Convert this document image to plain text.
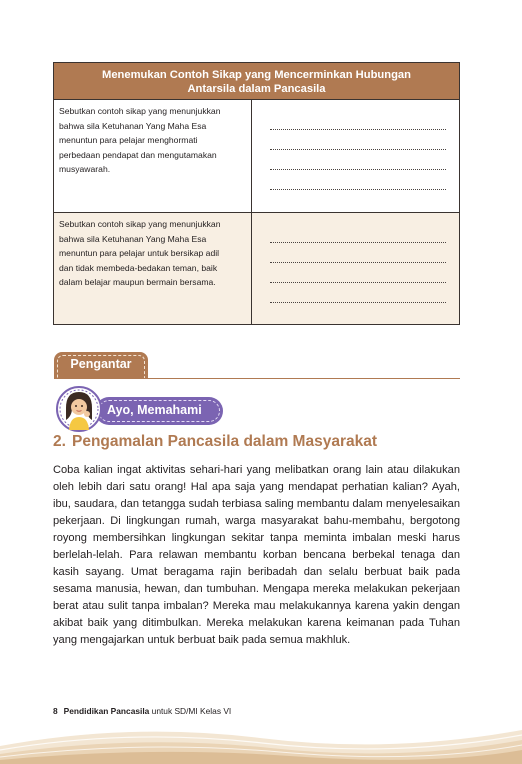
Menemukan Contoh Sikap yang Mencerminkan Hubungan
Antarsila dalam Pancasila
Sebutkan contoh sikap yang menunjukkan
bahwa sila Ketuhanan Yang Maha Esa
menuntun para pelajar menghormati
perbedaan pendapat dan mengutamakan
musyawarah.
Sebutkan contoh sikap yang menunjukkan
bahwa sila Ketuhanan Yang Maha Esa
menuntun para pelajar untuk bersikap adil
dan tidak membeda-bedakan teman, baik
dalam belajar maupun bermain bersama.
Pengantar
Ayo, Memahami
2. Pengamalan Pancasila dalam Masyarakat

Coba kalian ingat aktivitas sehari-hari yang melibatkan orang lain atau dilakukan oleh lebih dari satu orang! Hal apa saja yang mendapat perhatian kalian? Ayah, ibu, saudara, dan tetangga sudah terbiasa saling membantu dalam menyelesaikan pekerjaan. Di lingkungan rumah, warga masyarakat bahu-membahu, bergotong royong membersihkan lingkungan sekitar tanpa meminta imbalan meski harus berlelah-lelah. Para relawan membantu korban bencana berbekal tenaga dan kasih sayang. Umat beragama rajin beribadah dan selalu berbuat baik pada sesama manusia, hewan, dan tumbuhan. Mengapa mereka melakukan pekerjaan berat atau sulit tanpa imbalan? Mereka mau melakukannya karena yakin dengan akibat baik yang ditimbulkan. Mereka melakukan karena keimanan pada Tuhan yang mengajarkan untuk berbuat baik pada semua makhluk.

8 Pendidikan Pancasila untuk SD/MI Kelas VI
